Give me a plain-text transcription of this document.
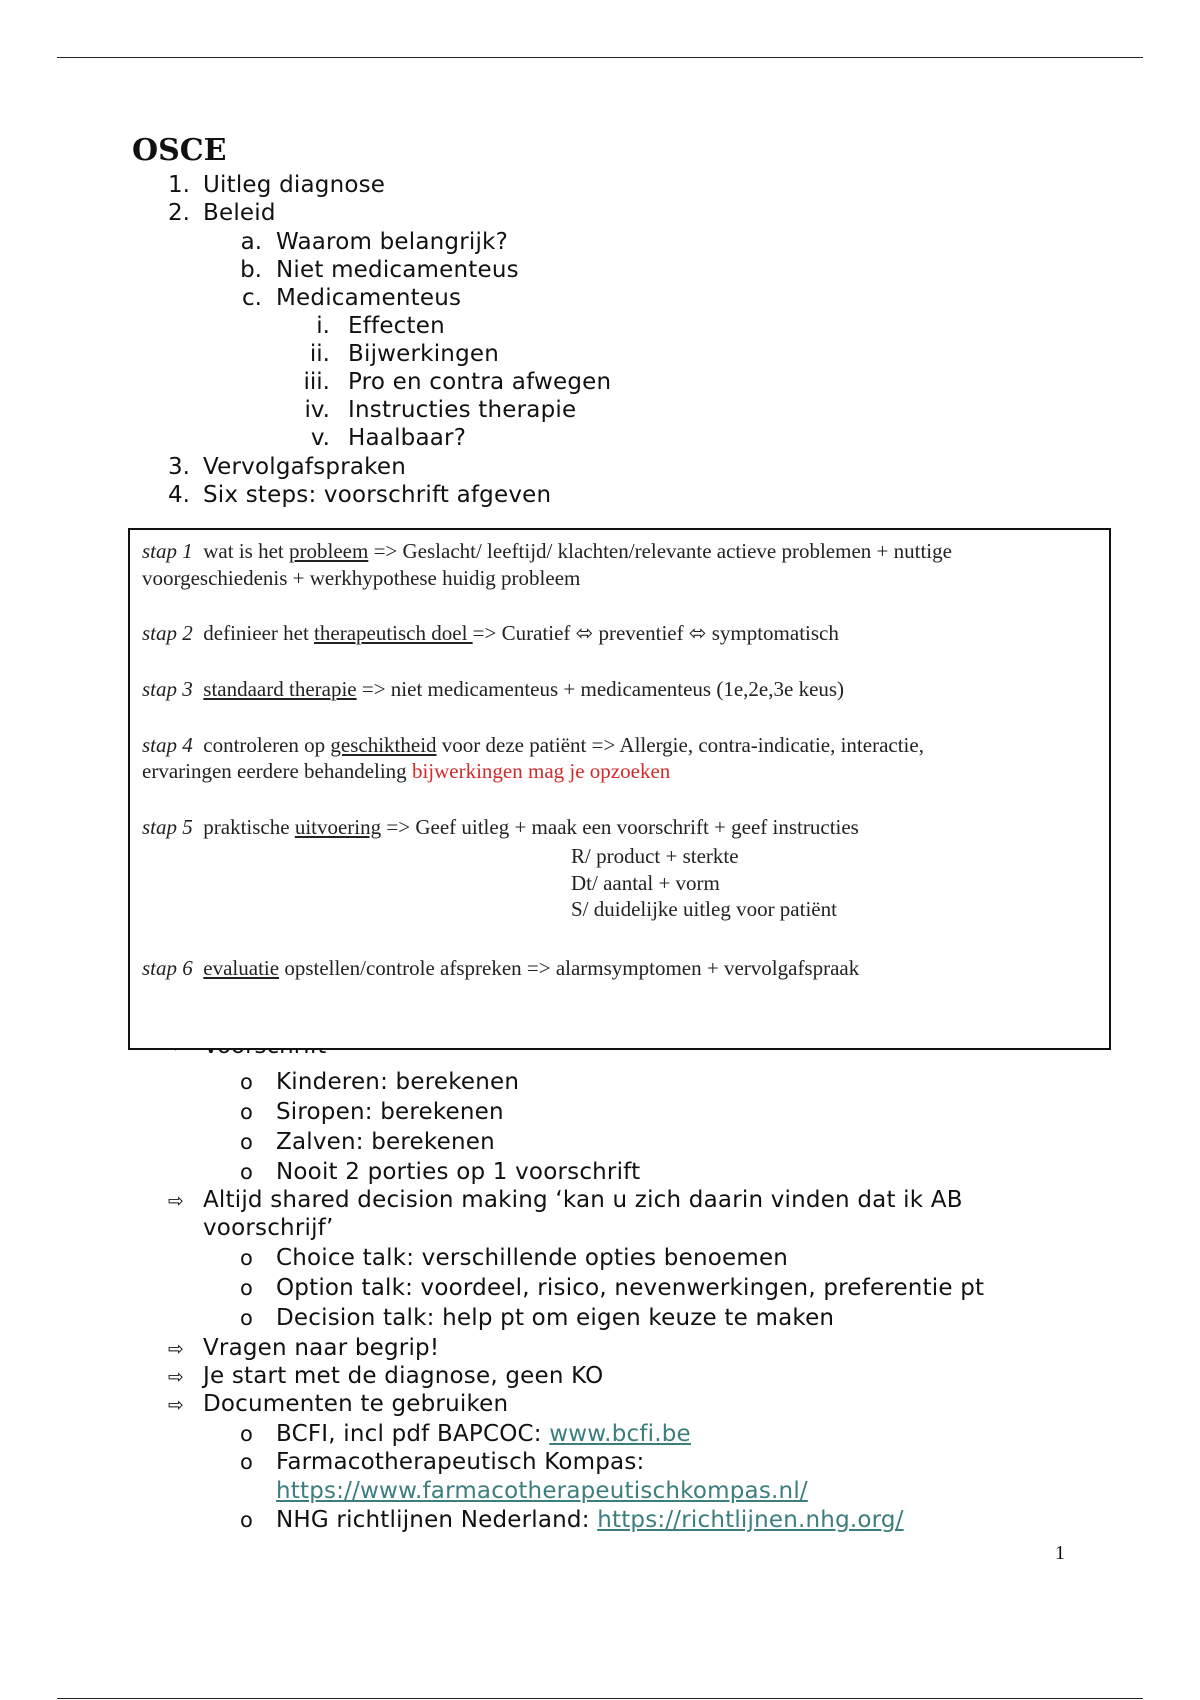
OSCE
1. Uitleg diagnose
2. Beleid
a. Waarom belangrijk?
b. Niet medicamenteus
c. Medicamenteus
i. Effecten
ii. Bijwerkingen
iii. Pro en contra afwegen
iv. Instructies therapie
v. Haalbaar?
3. Vervolgafspraken
4. Six steps: voorschrift afgeven
stap 1 wat is het probleem => Geslacht/ leeftijd/ klachten/relevante actieve problemen + nuttige
voorgeschiedenis + werkhypothese huidig probleem
stap 2 definieer het therapeutisch doel => Curatief ⬄ preventief ⬄ symptomatisch
stap 3 standaard therapie => niet medicamenteus + medicamenteus (1e,2e,3e keus)
stap 4 controleren op geschiktheid voor deze patiënt => Allergie, contra-indicatie, interactie,
ervaringen eerdere behandeling bijwerkingen mag je opzoeken
stap 5 praktische uitvoering => Geef uitleg + maak een voorschrift + geef instructies
R/ product + sterkte
Dt/ aantal + vorm
S/ duidelijke uitleg voor patiënt
stap 6 evaluatie opstellen/controle afspreken => alarmsymptomen + vervolgafspraak
o Kinderen: berekenen
o Siropen: berekenen
o Zalven: berekenen
o Nooit 2 porties op 1 voorschrift
⇨ Altijd shared decision making ‘kan u zich daarin vinden dat ik AB
voorschrijf’
o Choice talk: verschillende opties benoemen
o Option talk: voordeel, risico, nevenwerkingen, preferentie pt
o Decision talk: help pt om eigen keuze te maken
⇨ Vragen naar begrip!
⇨ Je start met de diagnose, geen KO
⇨ Documenten te gebruiken
o BCFI, incl pdf BAPCOC: www.bcfi.be
o Farmacotherapeutisch Kompas:
https://www.farmacotherapeutischkompas.nl/
o NHG richtlijnen Nederland: https://richtlijnen.nhg.org/
1
